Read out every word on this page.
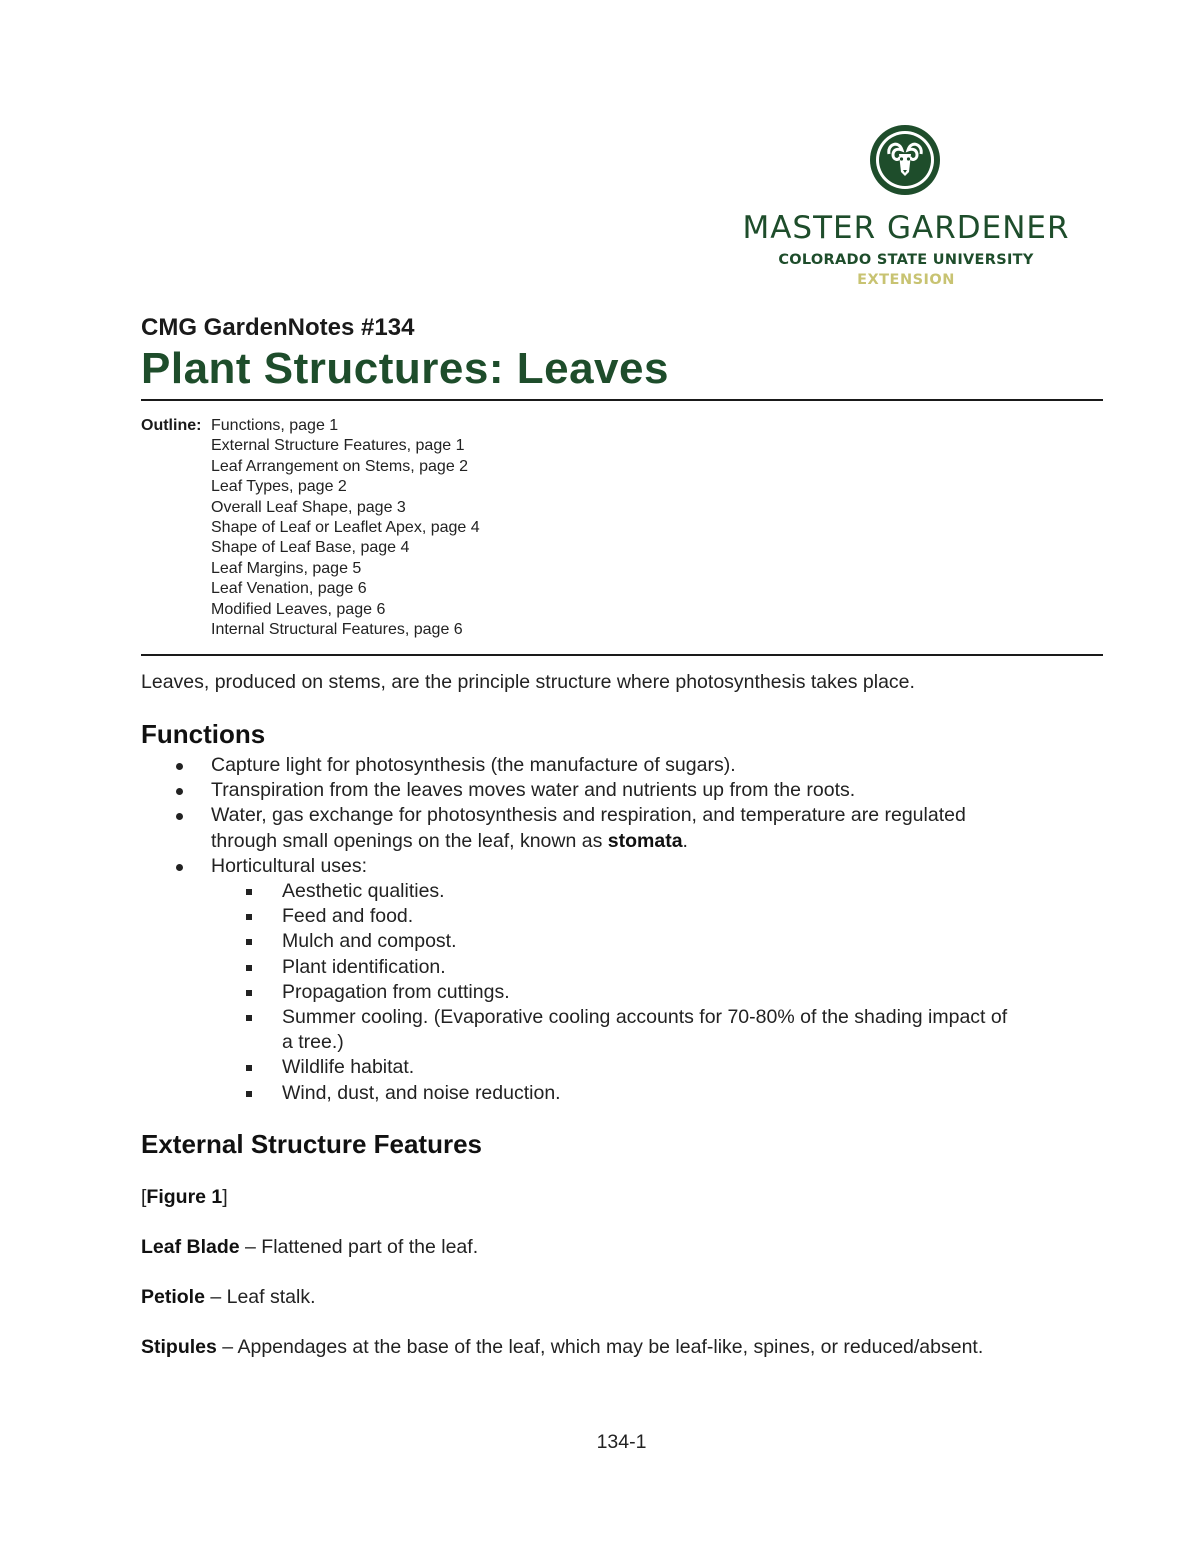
MASTER GARDENER
COLORADO STATE UNIVERSITY
EXTENSION
CMG GardenNotes #134
Plant Structures: Leaves
Outline: Functions, page 1
External Structure Features, page 1
Leaf Arrangement on Stems, page 2
Leaf Types, page 2
Overall Leaf Shape, page 3
Shape of Leaf or Leaflet Apex, page 4
Shape of Leaf Base, page 4
Leaf Margins, page 5
Leaf Venation, page 6
Modified Leaves, page 6
Internal Structural Features, page 6
Leaves, produced on stems, are the principle structure where photosynthesis takes place.
Functions
Capture light for photosynthesis (the manufacture of sugars).
Transpiration from the leaves moves water and nutrients up from the roots.
Water, gas exchange for photosynthesis and respiration, and temperature are regulated
through small openings on the leaf, known as stomata.
Horticultural uses:
Aesthetic qualities.
Feed and food.
Mulch and compost.
Plant identification.
Propagation from cuttings.
Summer cooling. (Evaporative cooling accounts for 70-80% of the shading impact of
a tree.)
Wildlife habitat.
Wind, dust, and noise reduction.
External Structure Features
[Figure 1]
Leaf Blade – Flattened part of the leaf.
Petiole – Leaf stalk.
Stipules – Appendages at the base of the leaf, which may be leaf-like, spines, or reduced/absent.
134-1
